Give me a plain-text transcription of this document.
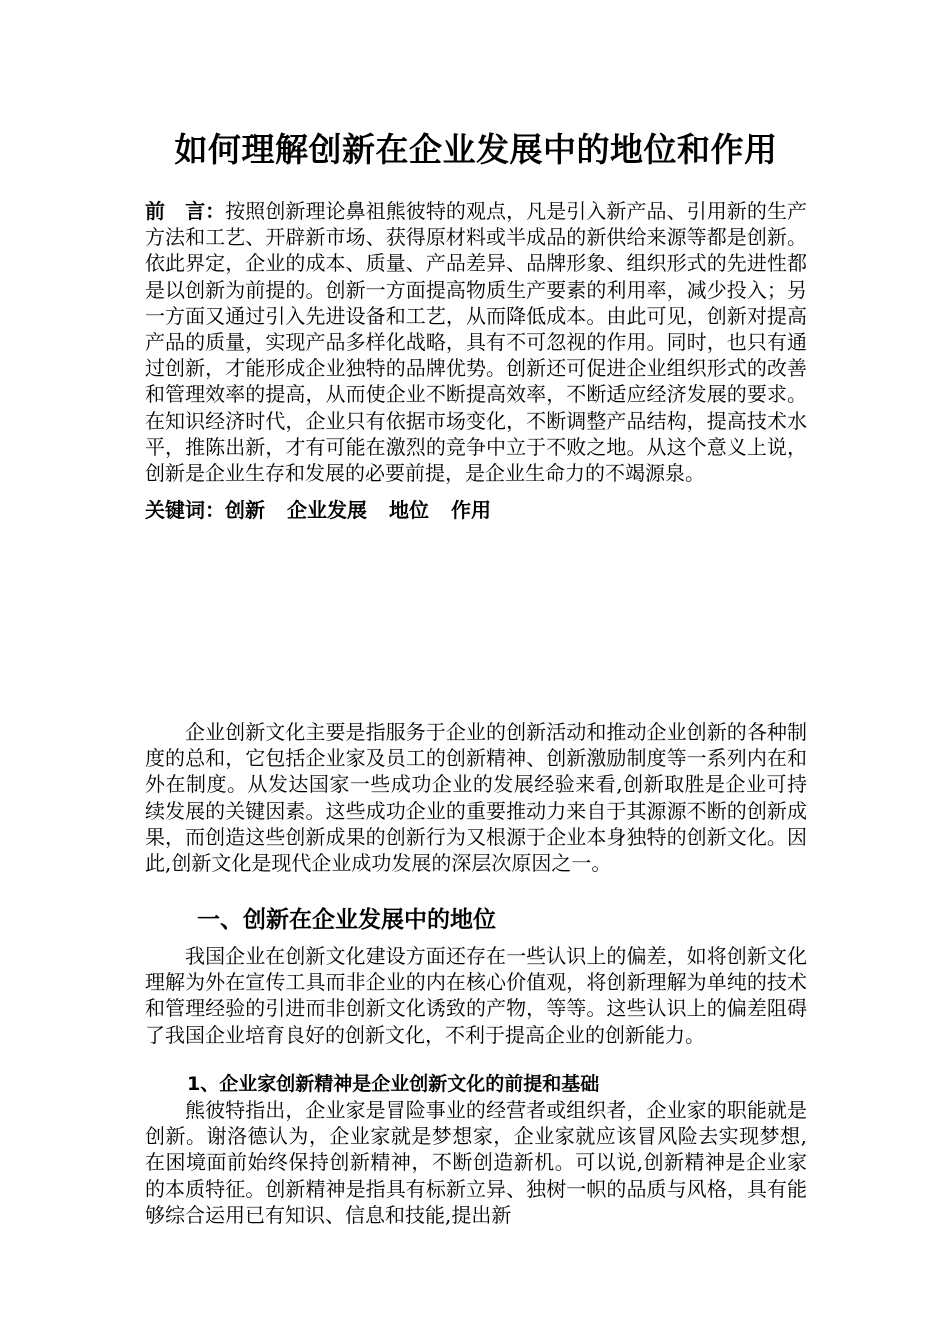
如何理解创新在企业发展中的地位和作用
前　言：按照创新理论鼻祖熊彼特的观点，凡是引入新产品、引用新的生产 方法和工艺、开辟新市场、获得原材料或半成品的新供给来源等都是创新。依此界定，企业的成本、质量、产品差异、品牌形象、组织形式的先进性都是以创新为前提的。创新一方面提高物质生产要素的利用率，减少投入；另一方面又通过引入先进设备和工艺，从而降低成本。由此可见，创新对提高产品的质量，实现产品多样化战略，具有不可忽视的作用。同时，也只有通过创新，才能形成企业独特的品牌优势。创新还可促进企业组织形式的改善和管理效率的提高，从而使企业不断提高效率，不断适应经济发展的要求。在知识经济时代，企业只有依据市场变化，不断调整产品结构，提高技术水平，推陈出新，才有可能在激烈的竞争中立于不败之地。从这个意义上说，创新是企业生存和发展的必要前提，是企业生命力的不竭源泉。
关键词：创新 企业发展 地位 作用
企业创新文化主要是指服务于企业的创新活动和推动企业创新的各种制度的总和，它包括企业家及员工的创新精神、创新激励制度等一系列内在和外在制度。从发达国家一些成功企业的发展经验来看,创新取胜是企业可持续发展的关键因素。这些成功企业的重要推动力来自于其源源不断的创新成果，而创造这些创新成果的创新行为又根源于企业本身独特的创新文化。因此,创新文化是现代企业成功发展的深层次原因之一。
一、创新在企业发展中的地位
我国企业在创新文化建设方面还存在一些认识上的偏差，如将创新文化理解为外在宣传工具而非企业的内在核心价值观，将创新理解为单纯的技术和管理经验的引进而非创新文化诱致的产物，等等。这些认识上的偏差阻碍了我国企业培育良好的创新文化，不利于提高企业的创新能力。
1、企业家创新精神是企业创新文化的前提和基础
熊彼特指出，企业家是冒险事业的经营者或组织者，企业家的职能就是创新。谢洛德认为，企业家就是梦想家，企业家就应该冒风险去实现梦想,在困境面前始终保持创新精神，不断创造新机。可以说,创新精神是企业家的本质特征。创新精神是指具有标新立异、独树一帜的品质与风格，具有能够综合运用已有知识、信息和技能,提出新
